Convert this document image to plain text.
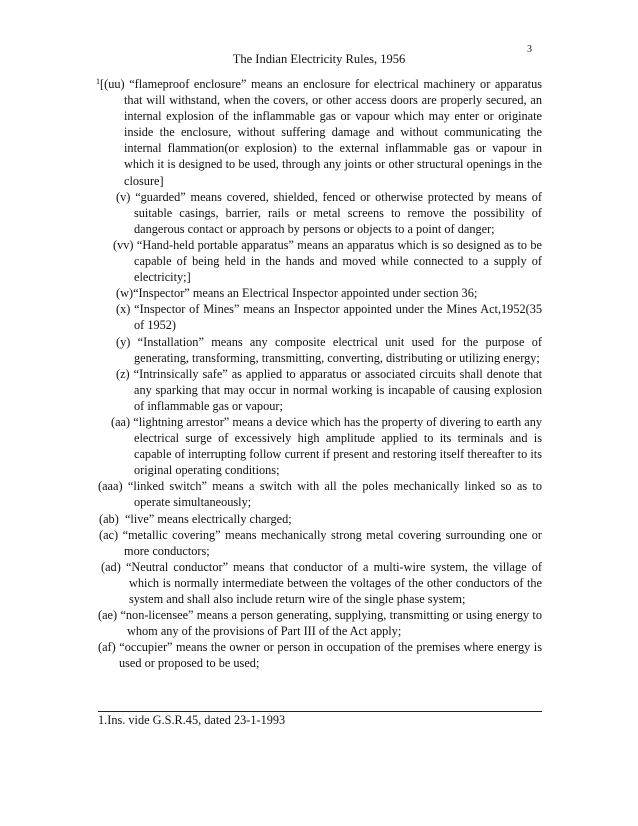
3
The Indian Electricity Rules, 1956

$^1$[(uu) “flameproof enclosure” means an enclosure for electrical machinery or apparatus that will withstand, when the covers, or other access doors are properly secured, an internal explosion of the inflammable gas or vapour which may enter or originate inside the enclosure, without suffering damage and without communicating the internal flammation(or explosion) to the external inflammable gas or vapour in which it is designed to be used, through any joints or other structural openings in the closure]

(v) “guarded” means covered, shielded, fenced or otherwise protected by means of suitable casings, barrier, rails or metal screens to remove the possibility of dangerous contact or approach by persons or objects to a point of danger;

(vv) “Hand-held portable apparatus” means an apparatus which is so designed as to be capable of being held in the hands and moved while connected to a supply of electricity;]

(w)“Inspector” means an Electrical Inspector appointed under section 36;

(x) “Inspector of Mines” means an Inspector appointed under the Mines Act,1952(35 of 1952)

(y) “Installation” means any composite electrical unit used for the purpose of generating, transforming, transmitting, converting, distributing or utilizing energy;

(z) “Intrinsically safe” as applied to apparatus or associated circuits shall denote that any sparking that may occur in normal working is incapable of causing explosion of inflammable gas or vapour;

(aa) “lightning arrestor” means a device which has the property of divering to earth any electrical surge of excessively high amplitude applied to its terminals and is capable of interrupting follow current if present and restoring itself thereafter to its original operating conditions;

(aaa) “linked switch” means a switch with all the poles mechanically linked so as to operate simultaneously;

(ab) “live” means electrically charged;

(ac) “metallic covering” means mechanically strong metal covering surrounding one or more conductors;

(ad) “Neutral conductor” means that conductor of a multi-wire system, the village of which is normally intermediate between the voltages of the other conductors of the system and shall also include return wire of the single phase system;

(ae) “non-licensee” means a person generating, supplying, transmitting or using energy to whom any of the provisions of Part III of the Act apply;

(af) “occupier” means the owner or person in occupation of the premises where energy is used or proposed to be used;

1.Ins. vide G.S.R.45, dated 23-1-1993
